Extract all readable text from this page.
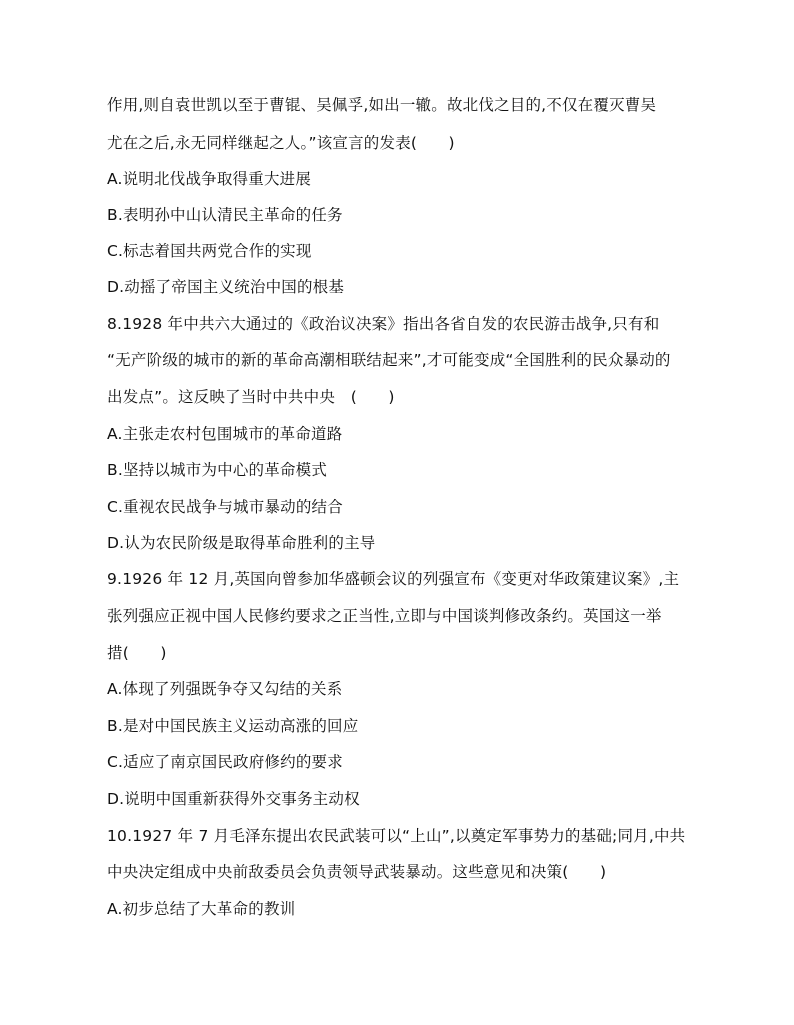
作用,则自袁世凯以至于曹锟、吴佩孚,如出一辙。故北伐之目的,不仅在覆灭曹吴
尤在之后,永无同样继起之人。”该宣言的发表(　　)
A.说明北伐战争取得重大进展
B.表明孙中山认清民主革命的任务
C.标志着国共两党合作的实现
D.动摇了帝国主义统治中国的根基
8.1928 年中共六大通过的《政治议决案》指出各省自发的农民游击战争,只有和
“无产阶级的城市的新的革命高潮相联结起来”,才可能变成“全国胜利的民众暴动的
出发点”。这反映了当时中共中央　(　　)
A.主张走农村包围城市的革命道路
B.坚持以城市为中心的革命模式
C.重视农民战争与城市暴动的结合
D.认为农民阶级是取得革命胜利的主导
9.1926 年 12 月,英国向曾参加华盛顿会议的列强宣布《变更对华政策建议案》,主
张列强应正视中国人民修约要求之正当性,立即与中国谈判修改条约。英国这一举
措(　　)
A.体现了列强既争夺又勾结的关系
B.是对中国民族主义运动高涨的回应
C.适应了南京国民政府修约的要求
D.说明中国重新获得外交事务主动权
10.1927 年 7 月毛泽东提出农民武装可以“上山”,以奠定军事势力的基础;同月,中共
中央决定组成中央前敌委员会负责领导武装暴动。这些意见和决策(　　)
A.初步总结了大革命的教训
